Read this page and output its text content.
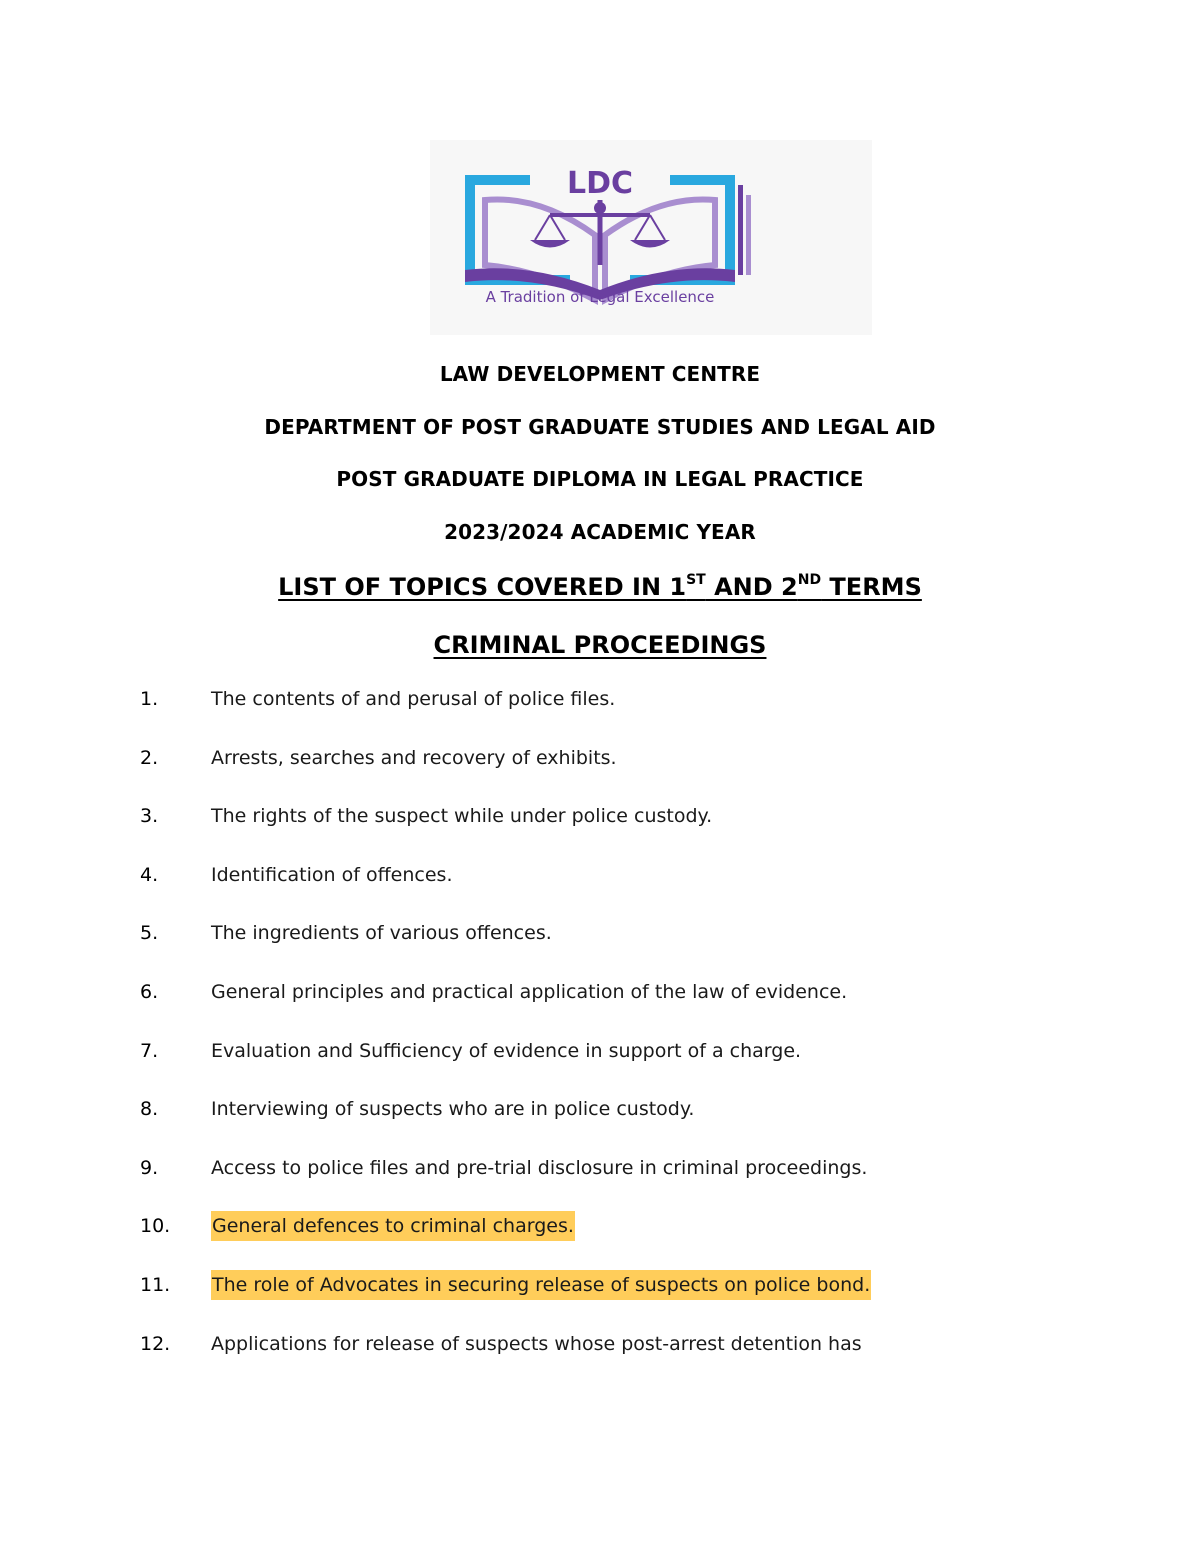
LDC
A Tradition of Legal Excellence
LAW DEVELOPMENT CENTRE
DEPARTMENT OF POST GRADUATE STUDIES AND LEGAL AID
POST GRADUATE DIPLOMA IN LEGAL PRACTICE
2023/2024 ACADEMIC YEAR
LIST OF TOPICS COVERED IN 1ST AND 2ND TERMS
CRIMINAL PROCEEDINGS
1.	The contents of and perusal of police files.
2.	Arrests, searches and recovery of exhibits.
3.	The rights of the suspect while under police custody.
4.	Identification of offences.
5.	The ingredients of various offences.
6.	General principles and practical application of the law of evidence.
7.	Evaluation and Sufficiency of evidence in support of a charge.
8.	Interviewing of suspects who are in police custody.
9.	Access to police files and pre-trial disclosure in criminal proceedings.
10. General defences to criminal charges.
11. The role of Advocates in securing release of suspects on police bond.
12. Applications for release of suspects whose post-arrest detention has
